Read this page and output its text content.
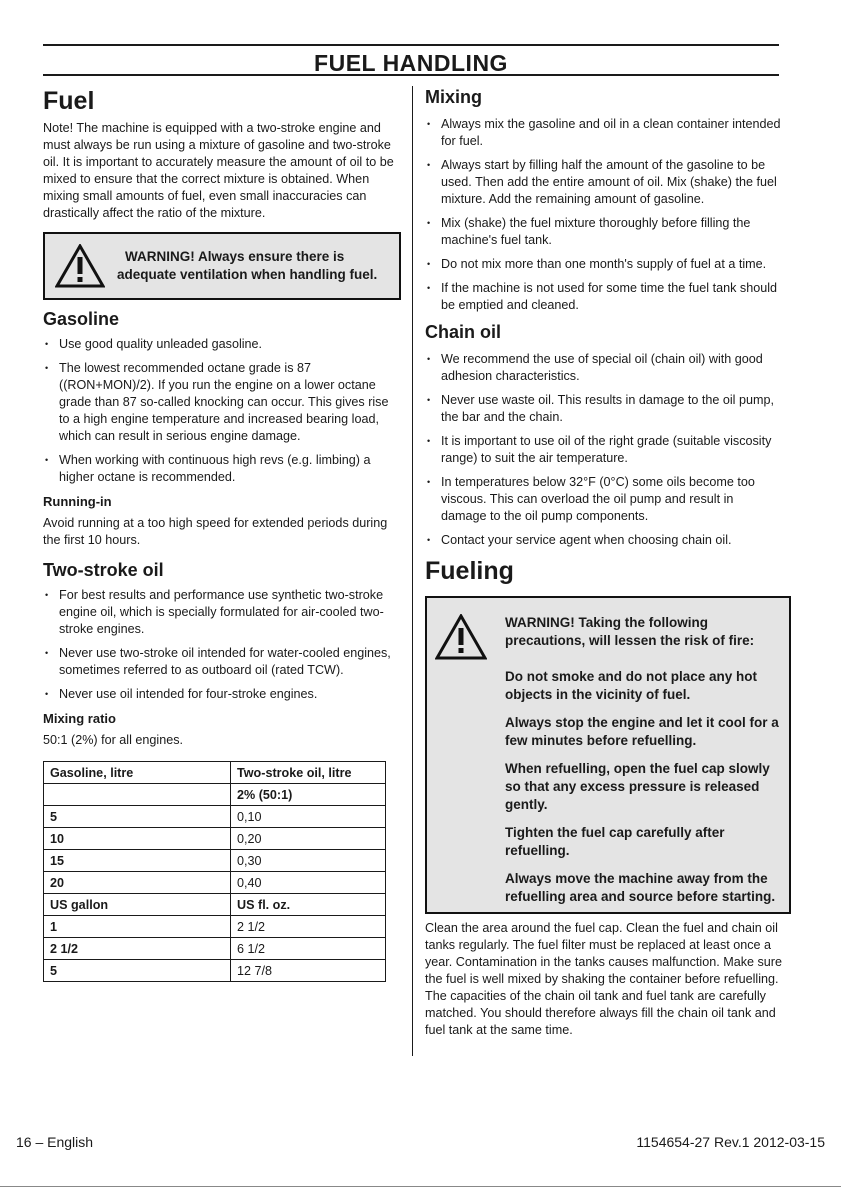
FUEL HANDLING
Fuel

Note! The machine is equipped with a two-stroke engine and must always be run using a mixture of gasoline and two-stroke oil. It is important to accurately measure the amount of oil to be mixed to ensure that the correct mixture is obtained. When mixing small amounts of fuel, even small inaccuracies can drastically affect the ratio of the mixture.

WARNING! Always ensure there is
adequate ventilation when handling fuel.
Gasoline
• Use good quality unleaded gasoline.
• The lowest recommended octane grade is 87 ((RON+MON)/2). If you run the engine on a lower octane grade than 87 so-called knocking can occur. This gives rise to a high engine temperature and increased bearing load, which can result in serious engine damage.
• When working with continuous high revs (e.g. limbing) a higher octane is recommended.
Running-in

Avoid running at a too high speed for extended periods during the first 10 hours.

Two-stroke oil
• For best results and performance use synthetic two-stroke engine oil, which is specially formulated for air-cooled two-stroke engines.
• Never use two-stroke oil intended for water-cooled engines, sometimes referred to as outboard oil (rated TCW).
• Never use oil intended for four-stroke engines.
Mixing ratio

50:1 (2%) for all engines.

Gasoline, litre	Two-stroke oil, litre
	2% (50:1)
5	0,10
10	0,20
15	0,30
20	0,40
US gallon	US fl. oz.
1	2 1/2
2 1/2	6 1/2
5	12 7/8
Mixing
• Always mix the gasoline and oil in a clean container intended for fuel.
• Always start by filling half the amount of the gasoline to be used. Then add the entire amount of oil. Mix (shake) the fuel mixture. Add the remaining amount of gasoline.
• Mix (shake) the fuel mixture thoroughly before filling the machine's fuel tank.
• Do not mix more than one month's supply of fuel at a time.
• If the machine is not used for some time the fuel tank should be emptied and cleaned.
Chain oil
• We recommend the use of special oil (chain oil) with good adhesion characteristics.
• Never use waste oil. This results in damage to the oil pump, the bar and the chain.
• It is important to use oil of the right grade (suitable viscosity range) to suit the air temperature.
• In temperatures below 32°F (0°C) some oils become too viscous. This can overload the oil pump and result in damage to the oil pump components.
• Contact your service agent when choosing chain oil.
Fueling
WARNING! Taking the following precautions, will lessen the risk of fire:
Do not smoke and do not place any hot objects in the vicinity of fuel.
Always stop the engine and let it cool for a few minutes before refuelling.
When refuelling, open the fuel cap slowly so that any excess pressure is released gently.
Tighten the fuel cap carefully after refuelling.
Always move the machine away from the refuelling area and source before starting.

Clean the area around the fuel cap. Clean the fuel and chain oil tanks regularly. The fuel filter must be replaced at least once a year. Contamination in the tanks causes malfunction. Make sure the fuel is well mixed by shaking the container before refuelling. The capacities of the chain oil tank and fuel tank are carefully matched. You should therefore always fill the chain oil tank and fuel tank at the same time.

16 – English	1154654-27 Rev.1 2012-03-15
